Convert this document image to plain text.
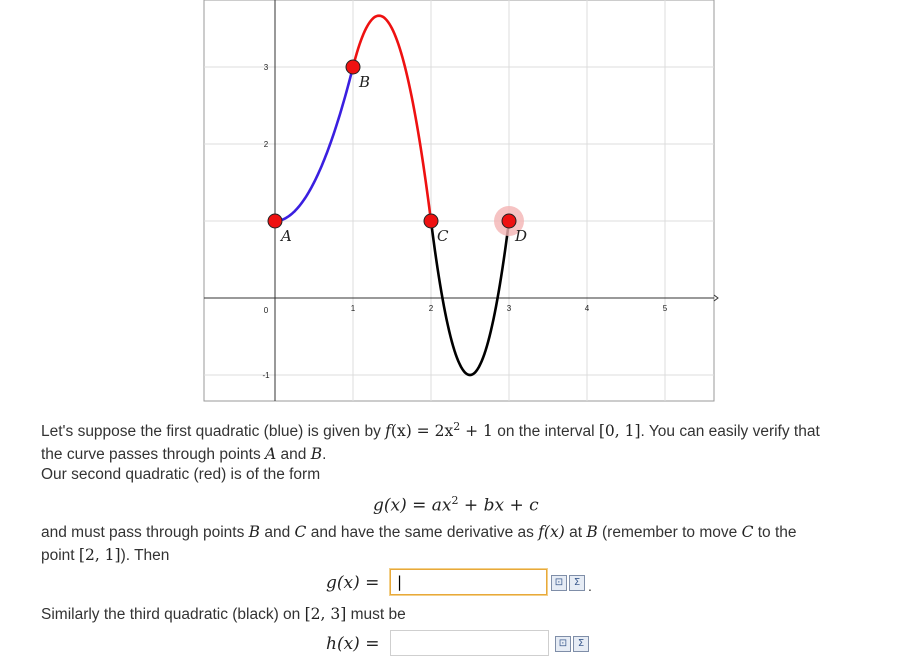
1	2	3	4	5
0
-1
2
3
A
B
C	D
Let's suppose the first quadratic (blue) is given by $f(x) = 2x^2 + 1$ on the interval [0, 1]. You can easily verify that
the curve passes through points A and B.
Our second quadratic (red) is of the form
$g(x) = ax^2$ + bx + c
and must pass through points B and C and have the same derivative as f(x) at B (remember to move C to the
point [2, 1]). Then
g(x) =
|	⊡	Σ .
Similarly the third quadratic (black) on [2, 3] must be
h(x) =	⊡	Σ
